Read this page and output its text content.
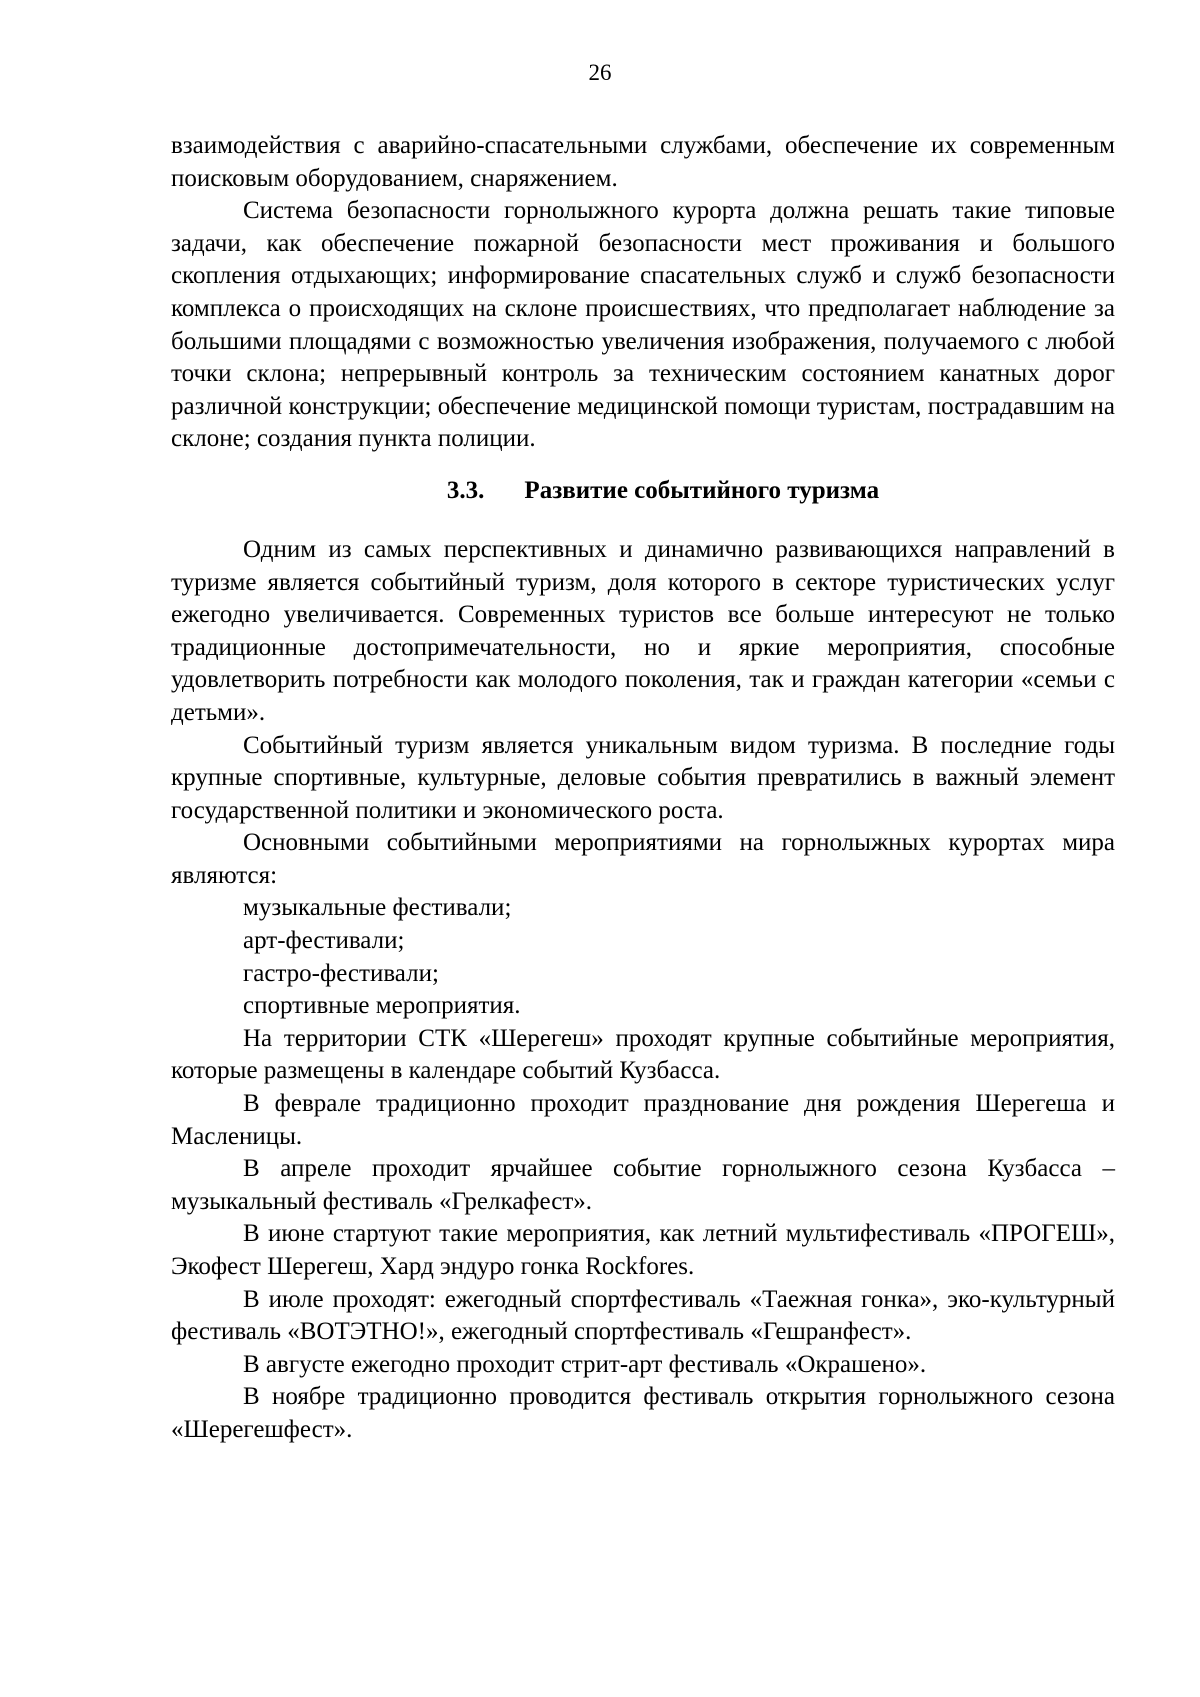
26

взаимодействия с аварийно-спасательными службами, обеспечение их современным поисковым оборудованием, снаряжением.

Система безопасности горнолыжного курорта должна решать такие типовые задачи, как обеспечение пожарной безопасности мест проживания и большого скопления отдыхающих; информирование спасательных служб и служб безопасности комплекса о происходящих на склоне происшествиях, что предполагает наблюдение за большими площадями с возможностью увеличения изображения, получаемого с любой точки склона; непрерывный контроль за техническим состоянием канатных дорог различной конструкции; обеспечение медицинской помощи туристам, пострадавшим на склоне; создания пункта полиции.

3.3. Развитие событийного туризма

Одним из самых перспективных и динамично развивающихся направлений в туризме является событийный туризм, доля которого в секторе туристических услуг ежегодно увеличивается. Современных туристов все больше интересуют не только традиционные достопримечательности, но и яркие мероприятия, способные удовлетворить потребности как молодого поколения, так и граждан категории «семьи с детьми».

Событийный туризм является уникальным видом туризма. В последние годы крупные спортивные, культурные, деловые события превратились в важный элемент государственной политики и экономического роста.

Основными событийными мероприятиями на горнолыжных курортах мира являются:

музыкальные фестивали;

арт-фестивали;

гастро-фестивали;

спортивные мероприятия.

На территории СТК «Шерегеш» проходят крупные событийные мероприятия, которые размещены в календаре событий Кузбасса.

В феврале традиционно проходит празднование дня рождения Шерегеша и Масленицы.

В апреле проходит ярчайшее событие горнолыжного сезона Кузбасса – музыкальный фестиваль «Грелкафест».

В июне стартуют такие мероприятия, как летний мультифестиваль «ПРОГЕШ», Экофест Шерегеш, Хард эндуро гонка Rockfores.

В июле проходят: ежегодный спортфестиваль «Таежная гонка», эко-культурный фестиваль «ВОТЭТНО!», ежегодный спортфестиваль «Гешранфест».

В августе ежегодно проходит стрит-арт фестиваль «Окрашено».

В ноябре традиционно проводится фестиваль открытия горнолыжного сезона «Шерегешфест».
